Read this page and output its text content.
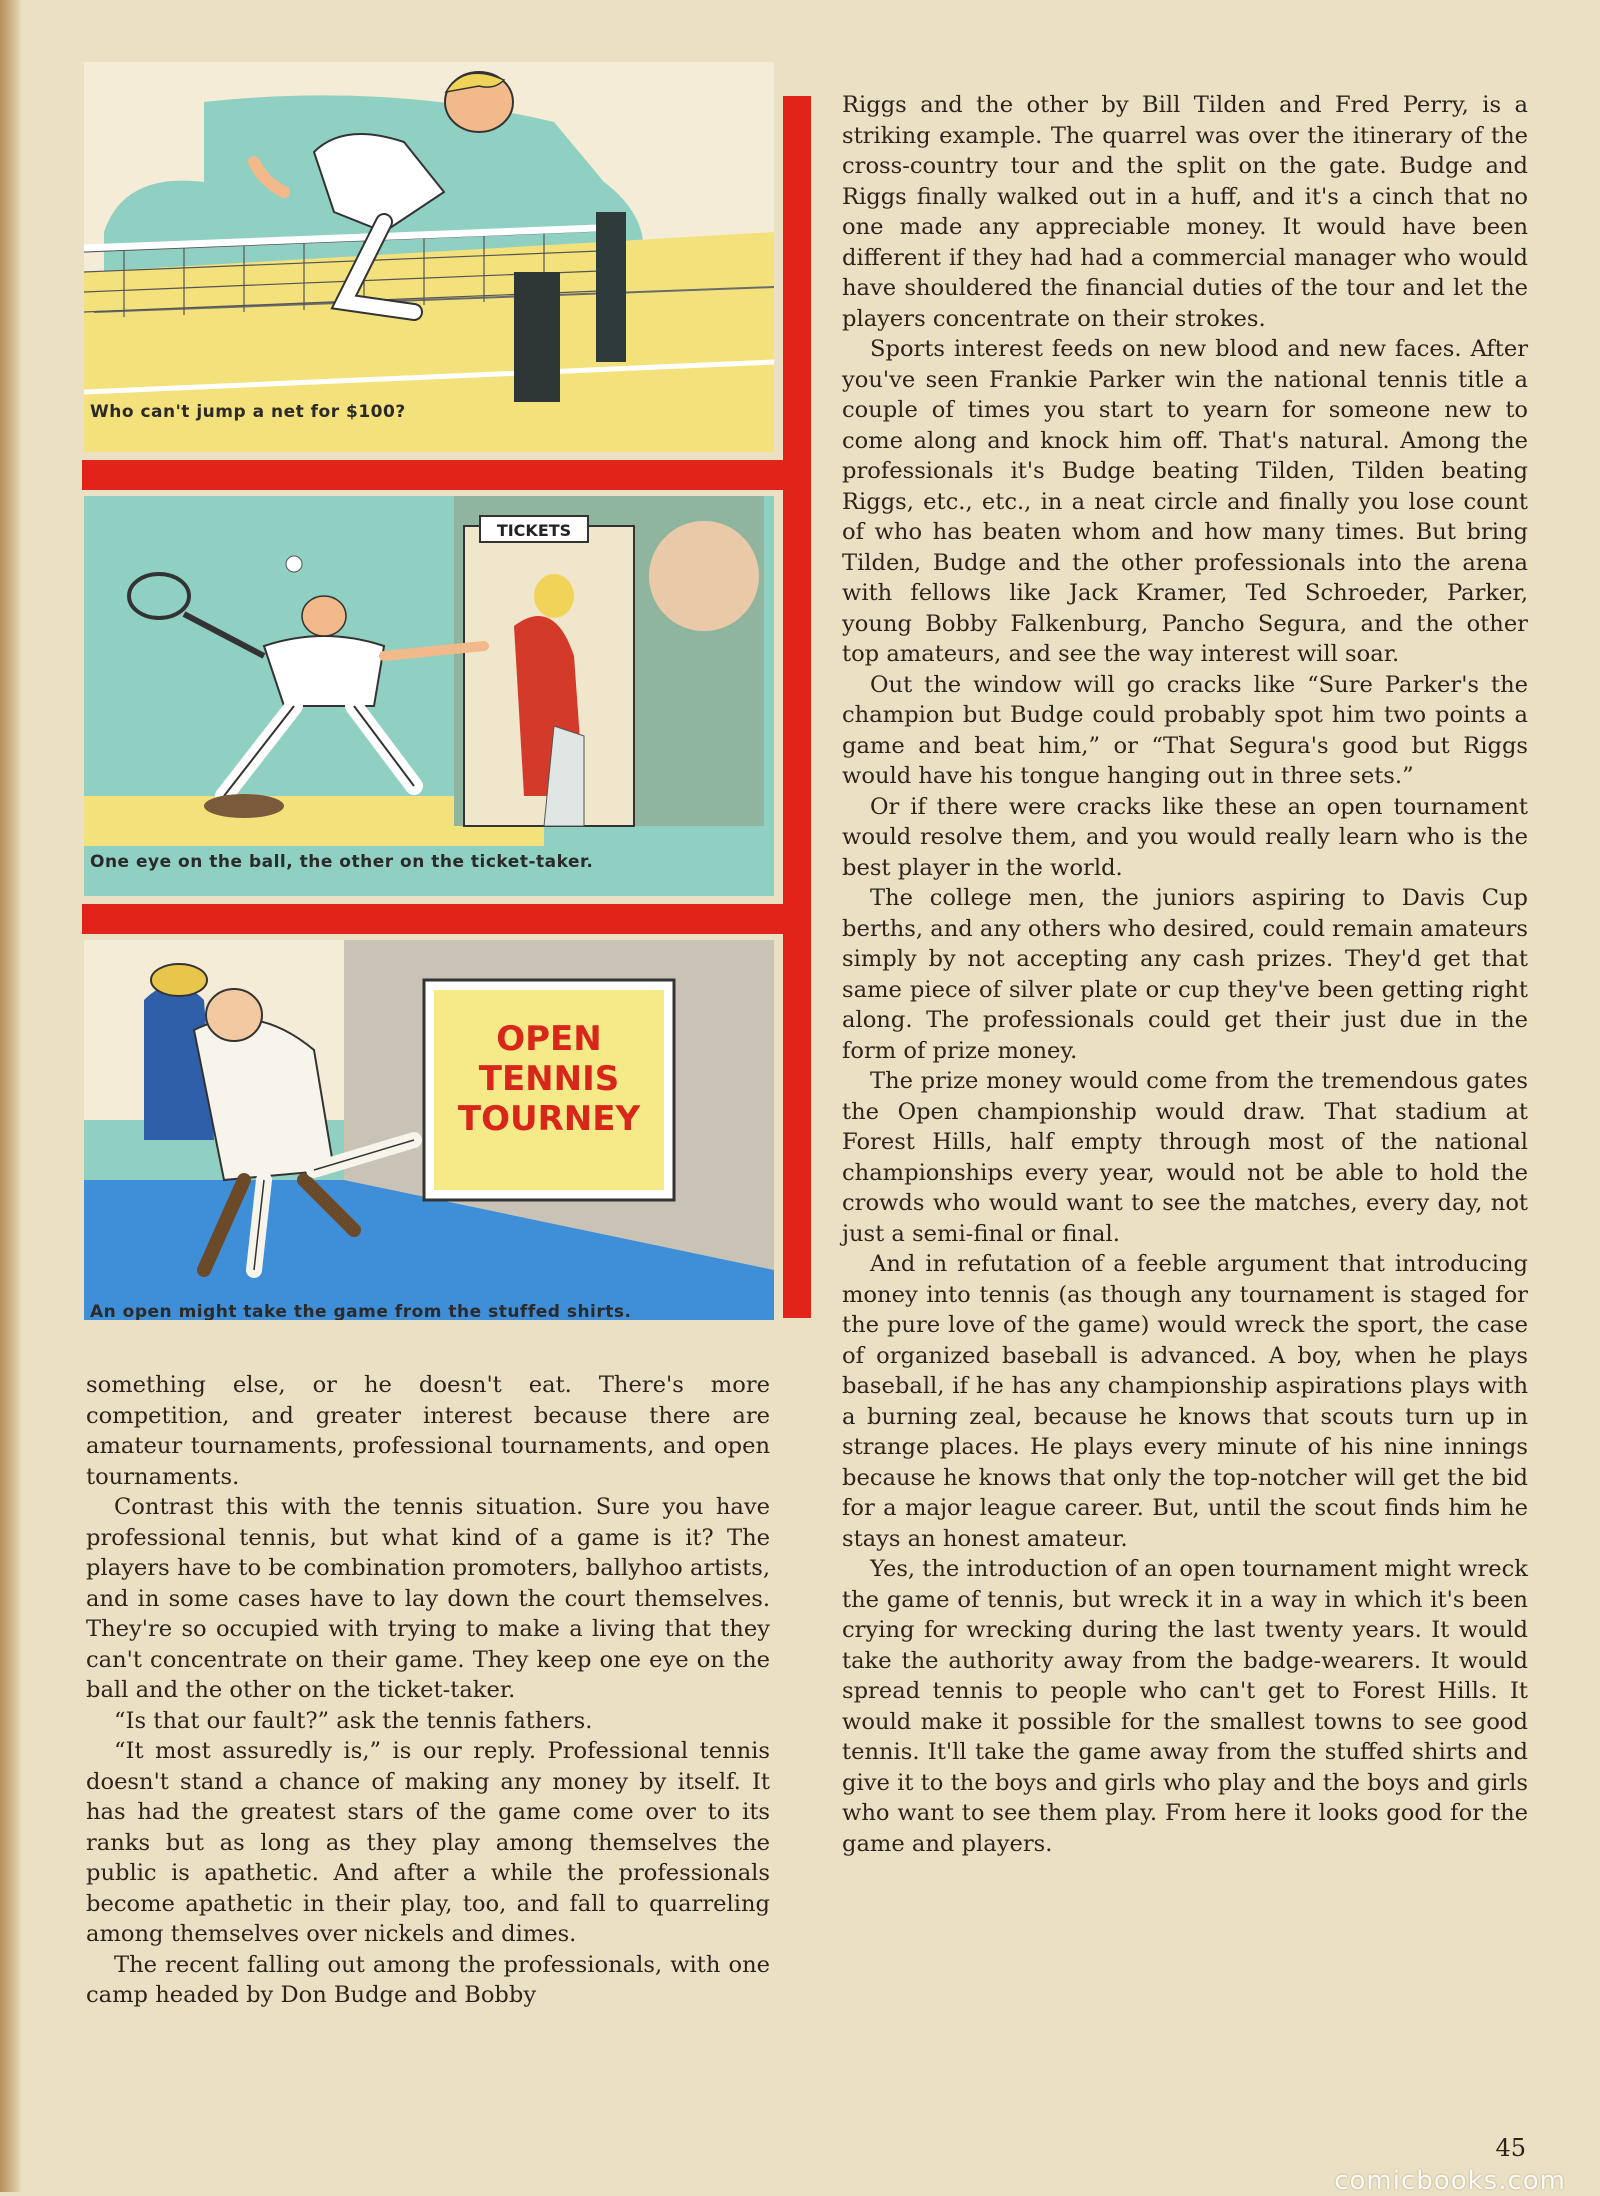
Who can't jump a net for $100?
TICKETS
One eye on the ball, the other on the ticket-taker.
OPEN
TENNIS
TOURNEY
An open might take the game from the stuffed shirts.

something else, or he doesn't eat. There's more competition, and greater interest because there are amateur tournaments, professional tournaments, and open tournaments.

Contrast this with the tennis situation. Sure you have professional tennis, but what kind of a game is it? The players have to be combination promoters, ballyhoo artists, and in some cases have to lay down the court themselves. They're so occupied with trying to make a living that they can't concentrate on their game. They keep one eye on the ball and the other on the ticket-taker.

“Is that our fault?” ask the tennis fathers.

“It most assuredly is,” is our reply. Professional tennis doesn't stand a chance of making any money by itself. It has had the greatest stars of the game come over to its ranks but as long as they play among themselves the public is apathetic. And after a while the professionals become apathetic in their play, too, and fall to quarreling among themselves over nickels and dimes.

The recent falling out among the professionals, with one camp headed by Don Budge and Bobby

Riggs and the other by Bill Tilden and Fred Perry, is a striking example. The quarrel was over the itinerary of the cross-country tour and the split on the gate. Budge and Riggs finally walked out in a huff, and it's a cinch that no one made any appreciable money. It would have been different if they had had a commercial manager who would have shouldered the financial duties of the tour and let the players concentrate on their strokes.

Sports interest feeds on new blood and new faces. After you've seen Frankie Parker win the national tennis title a couple of times you start to yearn for someone new to come along and knock him off. That's natural. Among the professionals it's Budge beating Tilden, Tilden beating Riggs, etc., etc., in a neat circle and finally you lose count of who has beaten whom and how many times. But bring Tilden, Budge and the other professionals into the arena with fellows like Jack Kramer, Ted Schroeder, Parker, young Bobby Falkenburg, Pancho Segura, and the other top amateurs, and see the way interest will soar.

Out the window will go cracks like “Sure Parker's the champion but Budge could probably spot him two points a game and beat him,” or “That Segura's good but Riggs would have his tongue hanging out in three sets.”

Or if there were cracks like these an open tournament would resolve them, and you would really learn who is the best player in the world.

The college men, the juniors aspiring to Davis Cup berths, and any others who desired, could remain amateurs simply by not accepting any cash prizes. They'd get that same piece of silver plate or cup they've been getting right along. The professionals could get their just due in the form of prize money.

The prize money would come from the tremendous gates the Open championship would draw. That stadium at Forest Hills, half empty through most of the national championships every year, would not be able to hold the crowds who would want to see the matches, every day, not just a semi-final or final.

And in refutation of a feeble argument that introducing money into tennis (as though any tournament is staged for the pure love of the game) would wreck the sport, the case of organized baseball is advanced. A boy, when he plays baseball, if he has any championship aspirations plays with a burning zeal, because he knows that scouts turn up in strange places. He plays every minute of his nine innings because he knows that only the top-notcher will get the bid for a major league career. But, until the scout finds him he stays an honest amateur.

Yes, the introduction of an open tournament might wreck the game of tennis, but wreck it in a way in which it's been crying for wrecking during the last twenty years. It would take the authority away from the badge-wearers. It would spread tennis to people who can't get to Forest Hills. It would make it possible for the smallest towns to see good tennis. It'll take the game away from the stuffed shirts and give it to the boys and girls who play and the boys and girls who want to see them play. From here it looks good for the game and players.

45
comicbooks.com
